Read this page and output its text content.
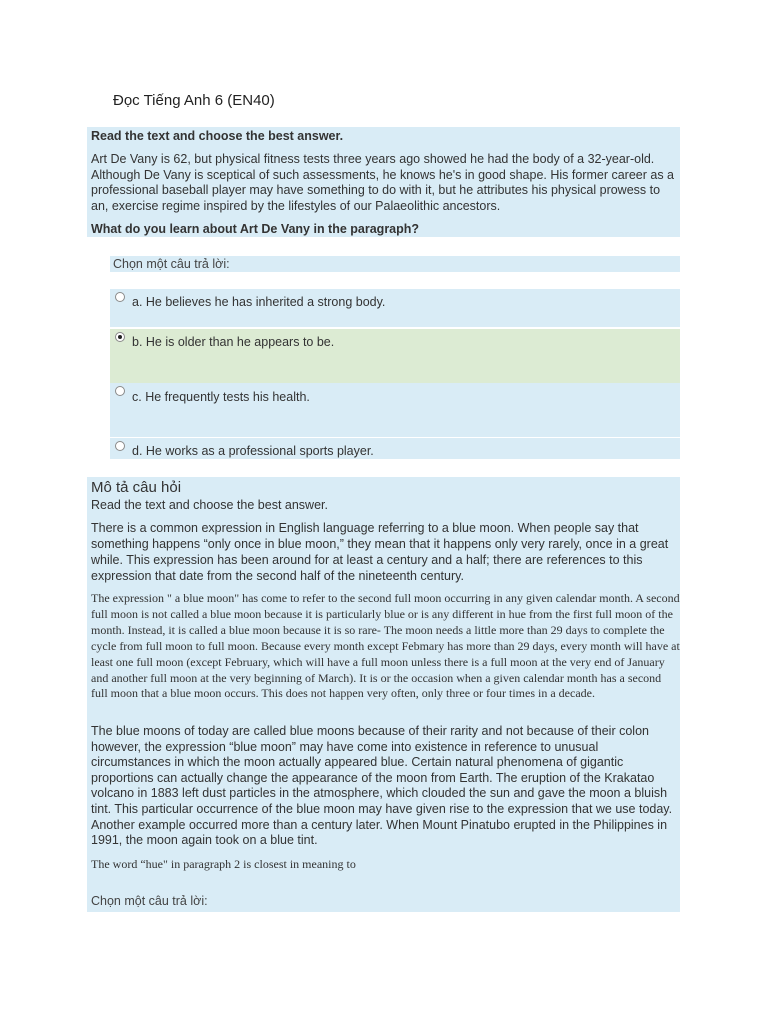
Đọc Tiếng Anh 6 (EN40)
Read the text and choose the best answer.
Art De Vany is 62, but physical fitness tests three years ago showed he had the body of a 32-year-old. Although De Vany is sceptical of such assessments, he knows he's in good shape. His former career as a professional baseball player may have something to do with it, but he attributes his physical prowess to an, exercise regime inspired by the lifestyles of our Palaeolithic ancestors.
What do you learn about Art De Vany in the paragraph?
Chọn một câu trả lời:
a. He believes he has inherited a strong body.
b. He is older than he appears to be.
c. He frequently tests his health.
d. He works as a professional sports player.
Mô tả câu hỏi
Read the text and choose the best answer.
There is a common expression in English language referring to a blue moon. When people say that something happens “only once in blue moon,” they mean that it happens only very rarely, once in a great while. This expression has been around for at least a century and a half; there are references to this expression that date from the second half of the nineteenth century.
The expression " a blue moon" has come to refer to the second full moon occurring in any given calendar month. A second full moon is not called a blue moon because it is particularly blue or is any different in hue from the first full moon of the month. Instead, it is called a blue moon because it is so rare- The moon needs a little more than 29 days to complete the cycle from full moon to full moon. Because every month except Febmary has more than 29 days, every month will have at least one full moon (except February, which will have a full moon unless there is a full moon at the very end of January and another full moon at the very beginning of March). It is or the occasion when a given calendar month has a second full moon that a blue moon occurs. This does not happen very often, only three or four times in a decade.
The blue moons of today are called blue moons because of their rarity and not because of their colon however, the expression “blue moon” may have come into existence in reference to unusual circumstances in which the moon actually appeared blue. Certain natural phenomena of gigantic proportions can actually change the appearance of the moon from Earth. The eruption of the Krakatao volcano in 1883 left dust particles in the atmosphere, which clouded the sun and gave the moon a bluish tint. This particular occurrence of the blue moon may have given rise to the expression that we use today. Another example occurred more than a century later. When Mount Pinatubo erupted in the Philippines in 1991, the moon again took on a blue tint.
The word “hue" in paragraph 2 is closest in meaning to
Chọn một câu trả lời:
